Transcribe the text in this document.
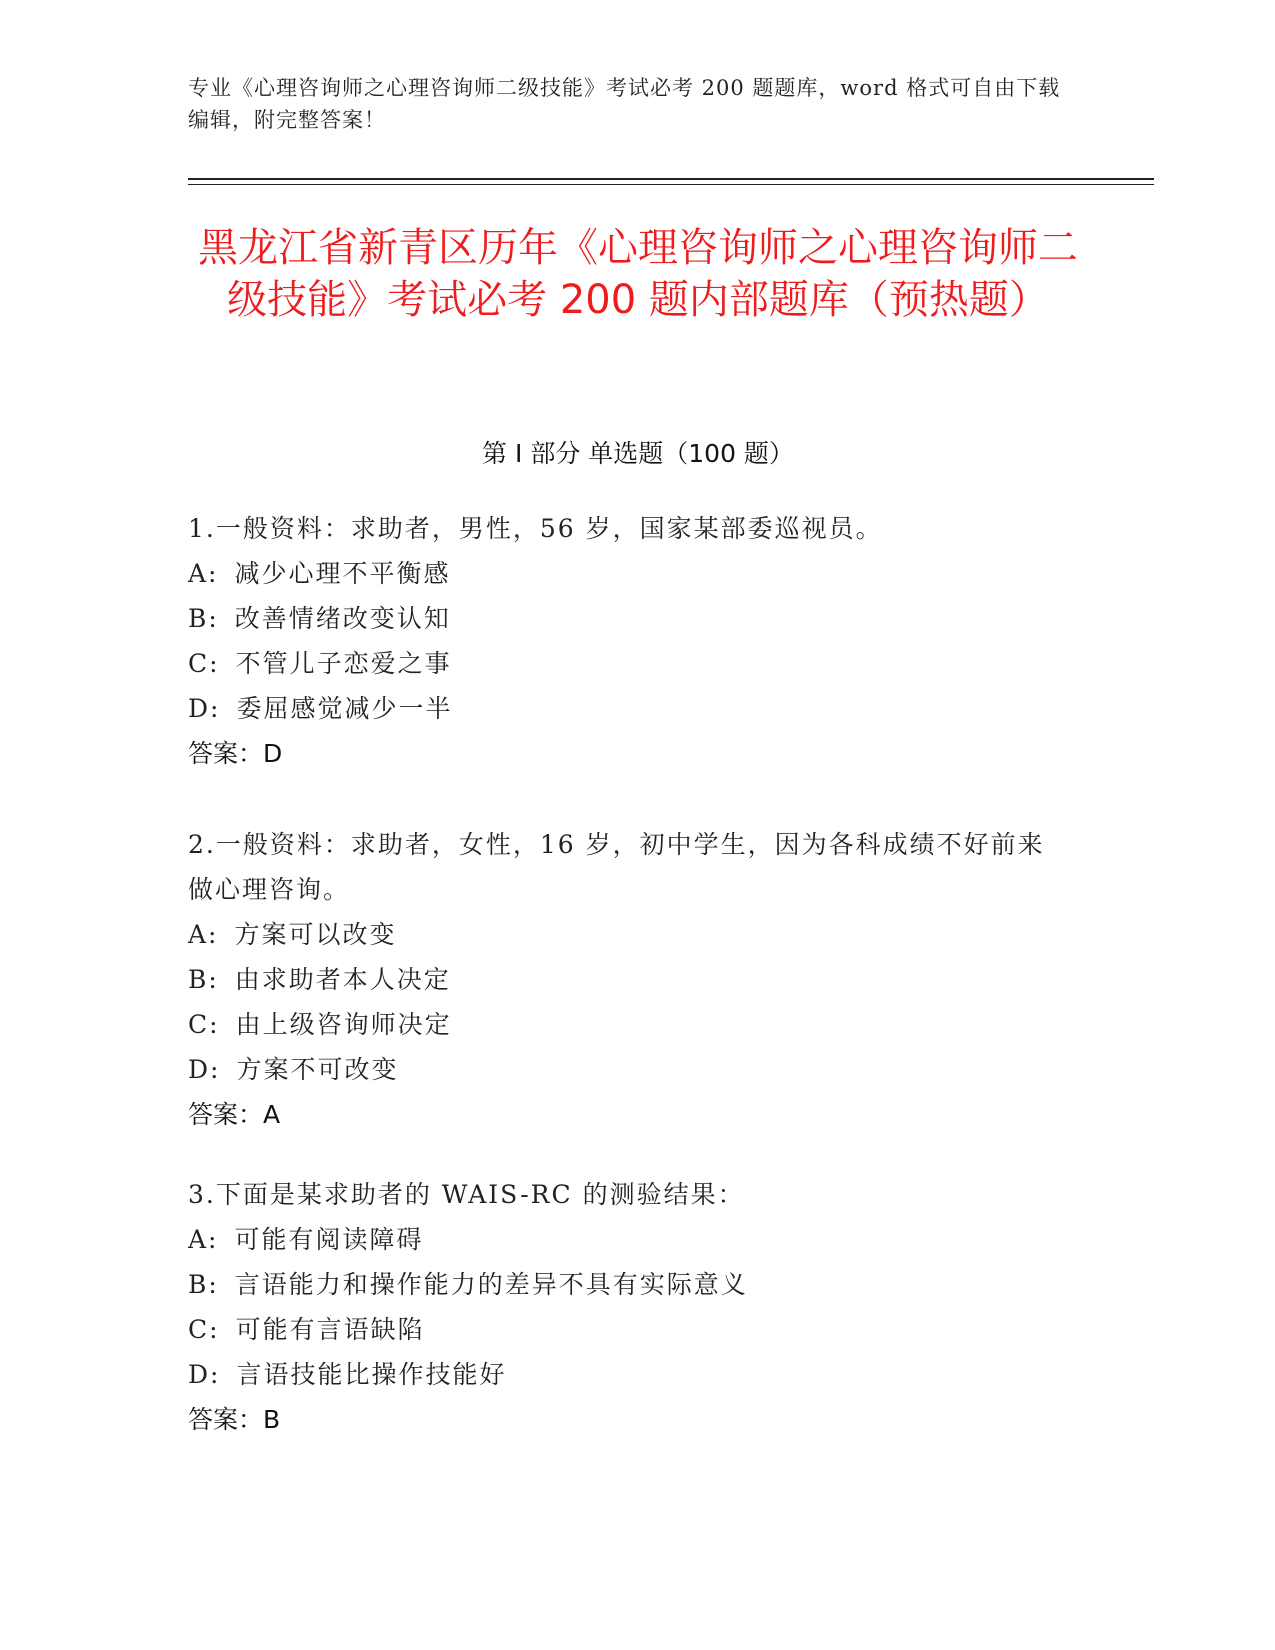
专业《心理咨询师之心理咨询师二级技能》考试必考 200 题题库，word 格式可自由下载编辑，附完整答案！
黑龙江省新青区历年《心理咨询师之心理咨询师二级技能》考试必考 200 题内部题库（预热题）
第 I 部分 单选题（100 题）
1.一般资料：求助者，男性，56 岁，国家某部委巡视员。
A: 减少心理不平衡感
B: 改善情绪改变认知
C: 不管儿子恋爱之事
D: 委屈感觉减少一半
答案：D
2.一般资料：求助者，女性，16 岁，初中学生，因为各科成绩不好前来做心理咨询。
A: 方案可以改变
B: 由求助者本人决定
C: 由上级咨询师决定
D: 方案不可改变
答案：A
3.下面是某求助者的 WAIS-RC 的测验结果：
A: 可能有阅读障碍
B: 言语能力和操作能力的差异不具有实际意义
C: 可能有言语缺陷
D: 言语技能比操作技能好
答案：B
